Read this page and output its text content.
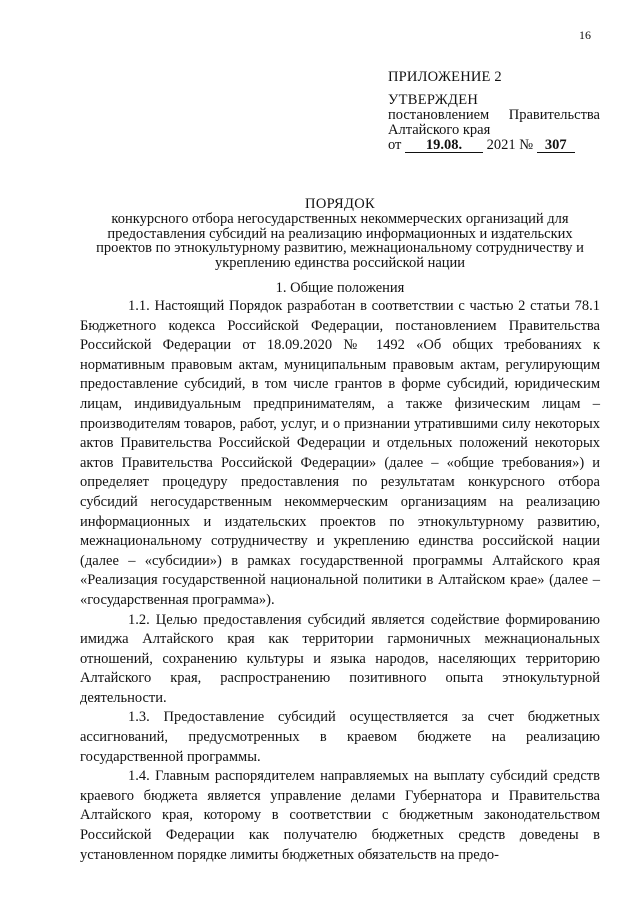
16
ПРИЛОЖЕНИЕ 2
УТВЕРЖДЕН
постановлением Правительства
Алтайского края
от 19.08. 2021 № 307
ПОРЯДОК
конкурсного отбора негосударственных некоммерческих организаций для предоставления субсидий на реализацию информационных и издательских проектов по этнокультурному развитию, межнациональному сотрудничеству и укреплению единства российской нации
1. Общие положения

1.1. Настоящий Порядок разработан в соответствии с частью 2 статьи 78.1 Бюджетного кодекса Российской Федерации, постановлением Правительства Российской Федерации от 18.09.2020 № 1492 «Об общих требованиях к нормативным правовым актам, муниципальным правовым актам, регулирующим предоставление субсидий, в том числе грантов в форме субсидий, юридическим лицам, индивидуальным предпринимателям, а также физическим лицам – производителям товаров, работ, услуг, и о признании утратившими силу некоторых актов Правительства Российской Федерации и отдельных положений некоторых актов Правительства Российской Федерации» (далее – «общие требования») и определяет процедуру предоставления по результатам конкурсного отбора субсидий негосударственным некоммерческим организациям на реализацию информационных и издательских проектов по этнокультурному развитию, межнациональному сотрудничеству и укреплению единства российской нации (далее – «субсидии») в рамках государственной программы Алтайского края «Реализация государственной национальной политики в Алтайском крае» (далее – «государственная программа»).

1.2. Целью предоставления субсидий является содействие формированию имиджа Алтайского края как территории гармоничных межнациональных отношений, сохранению культуры и языка народов, населяющих территорию Алтайского края, распространению позитивного опыта этнокультурной деятельности.

1.3. Предоставление субсидий осуществляется за счет бюджетных ассигнований, предусмотренных в краевом бюджете на реализацию государственной программы.

1.4. Главным распорядителем направляемых на выплату субсидий средств краевого бюджета является управление делами Губернатора и Правительства Алтайского края, которому в соответствии с бюджетным законодательством Российской Федерации как получателю бюджетных средств доведены в установленном порядке лимиты бюджетных обязательств на предо-
